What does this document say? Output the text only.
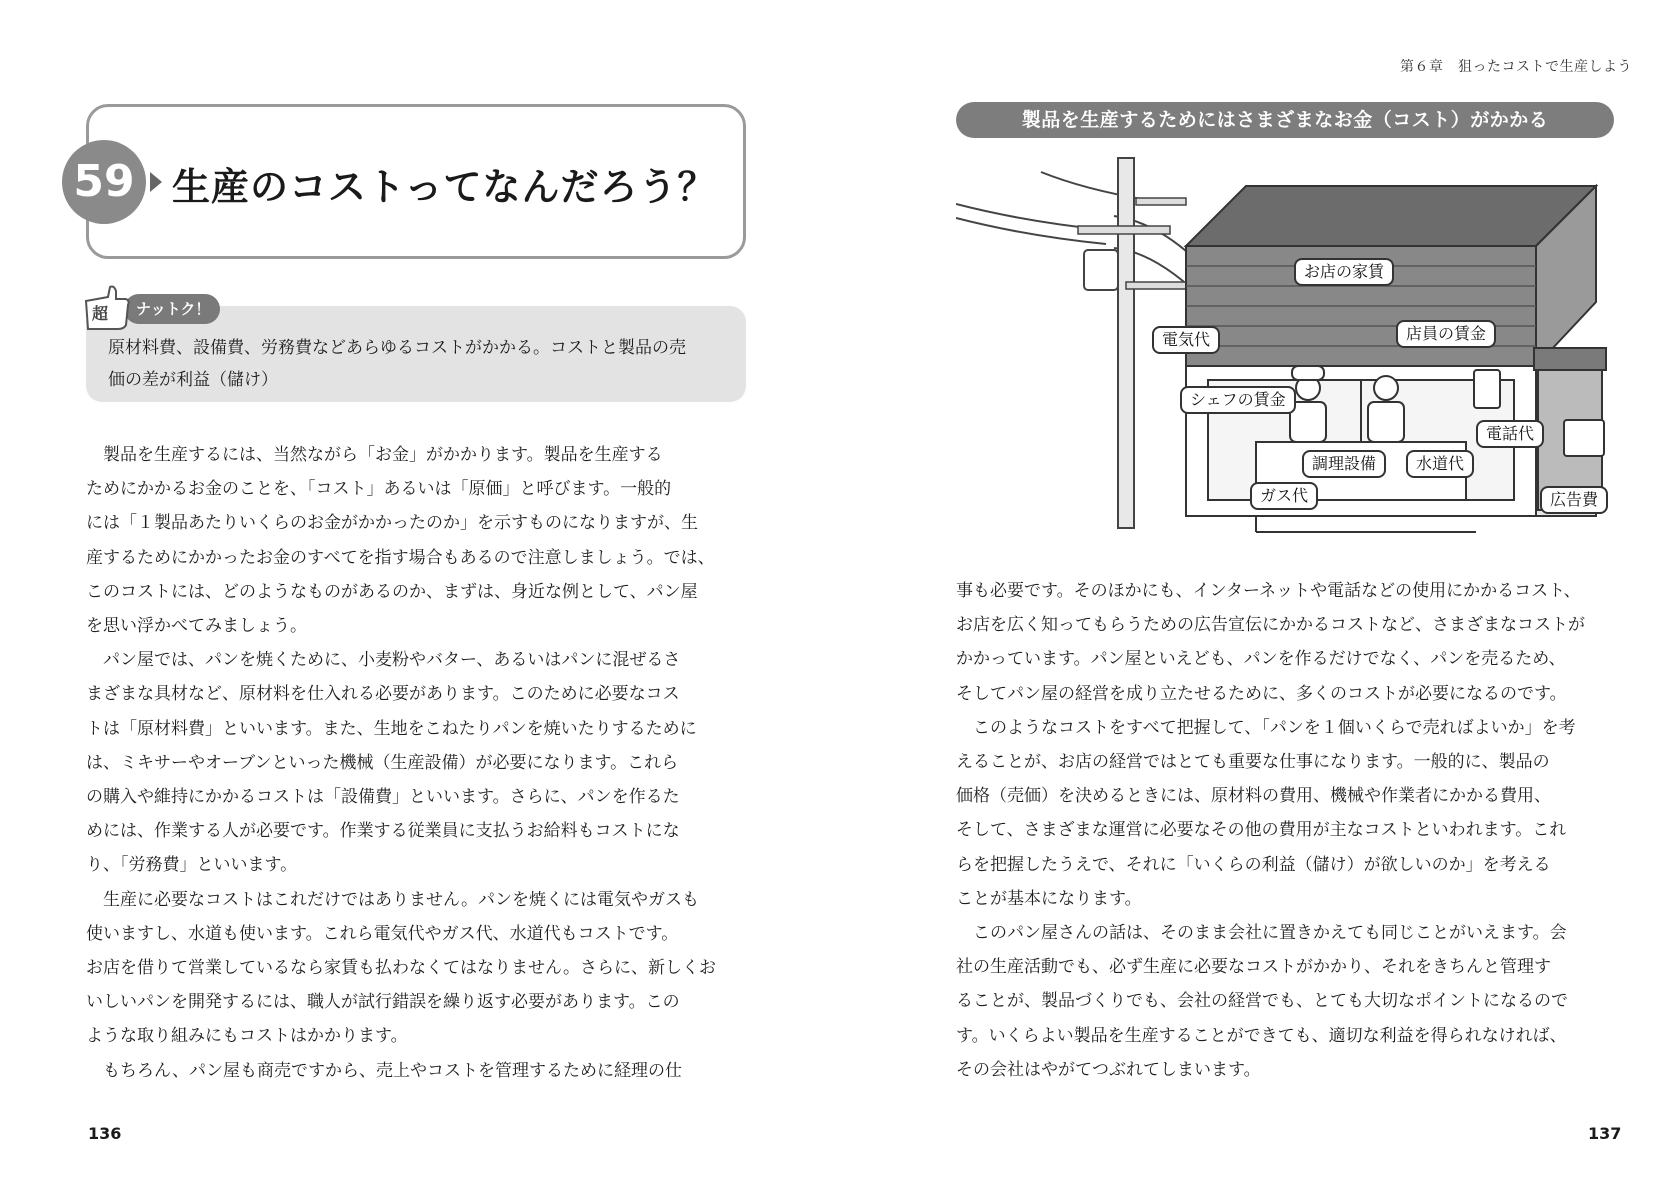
第６章　狙ったコストで生産しよう
59 生産のコストってなんだろう？
原材料費、設備費、労務費などあらゆるコストがかかる。コストと製品の売
価の差が利益（儲け）
ナットク！
超

　製品を生産するには、当然ながら「お金」がかかります。製品を生産する

ためにかかるお金のことを、「コスト」あるいは「原価」と呼びます。一般的

には「１製品あたりいくらのお金がかかったのか」を示すものになりますが、生

産するためにかかったお金のすべてを指す場合もあるので注意しましょう。では、

このコストには、どのようなものがあるのか、まずは、身近な例として、パン屋

を思い浮かべてみましょう。

　パン屋では、パンを焼くために、小麦粉やバター、あるいはパンに混ぜるさ

まざまな具材など、原材料を仕入れる必要があります。このために必要なコス

トは「原材料費」といいます。また、生地をこねたりパンを焼いたりするために

は、ミキサーやオーブンといった機械（生産設備）が必要になります。これら

の購入や維持にかかるコストは「設備費」といいます。さらに、パンを作るた

めには、作業する人が必要です。作業する従業員に支払うお給料もコストにな

り、「労務費」といいます。

　生産に必要なコストはこれだけではありません。パンを焼くには電気やガスも

使いますし、水道も使います。これら電気代やガス代、水道代もコストです。

お店を借りて営業しているなら家賃も払わなくてはなりません。さらに、新しくお

いしいパンを開発するには、職人が試行錯誤を繰り返す必要があります。この

ような取り組みにもコストはかかります。

　もちろん、パン屋も商売ですから、売上やコストを管理するために経理の仕

製品を生産するためにはさまざまなお金（コスト）がかかる
お店の家賃
電気代	店員の賃金
シェフの賃金
電話代
調理設備	水道代
ガス代	広告費

事も必要です。そのほかにも、インターネットや電話などの使用にかかるコスト、

お店を広く知ってもらうための広告宣伝にかかるコストなど、さまざまなコストが

かかっています。パン屋といえども、パンを作るだけでなく、パンを売るため、

そしてパン屋の経営を成り立たせるために、多くのコストが必要になるのです。

　このようなコストをすべて把握して、「パンを１個いくらで売ればよいか」を考

えることが、お店の経営ではとても重要な仕事になります。一般的に、製品の

価格（売価）を決めるときには、原材料の費用、機械や作業者にかかる費用、

そして、さまざまな運営に必要なその他の費用が主なコストといわれます。これ

らを把握したうえで、それに「いくらの利益（儲け）が欲しいのか」を考える

ことが基本になります。

　このパン屋さんの話は、そのまま会社に置きかえても同じことがいえます。会

社の生産活動でも、必ず生産に必要なコストがかかり、それをきちんと管理す

ることが、製品づくりでも、会社の経営でも、とても大切なポイントになるので

す。いくらよい製品を生産することができても、適切な利益を得られなければ、

その会社はやがてつぶれてしまいます。

136	137
